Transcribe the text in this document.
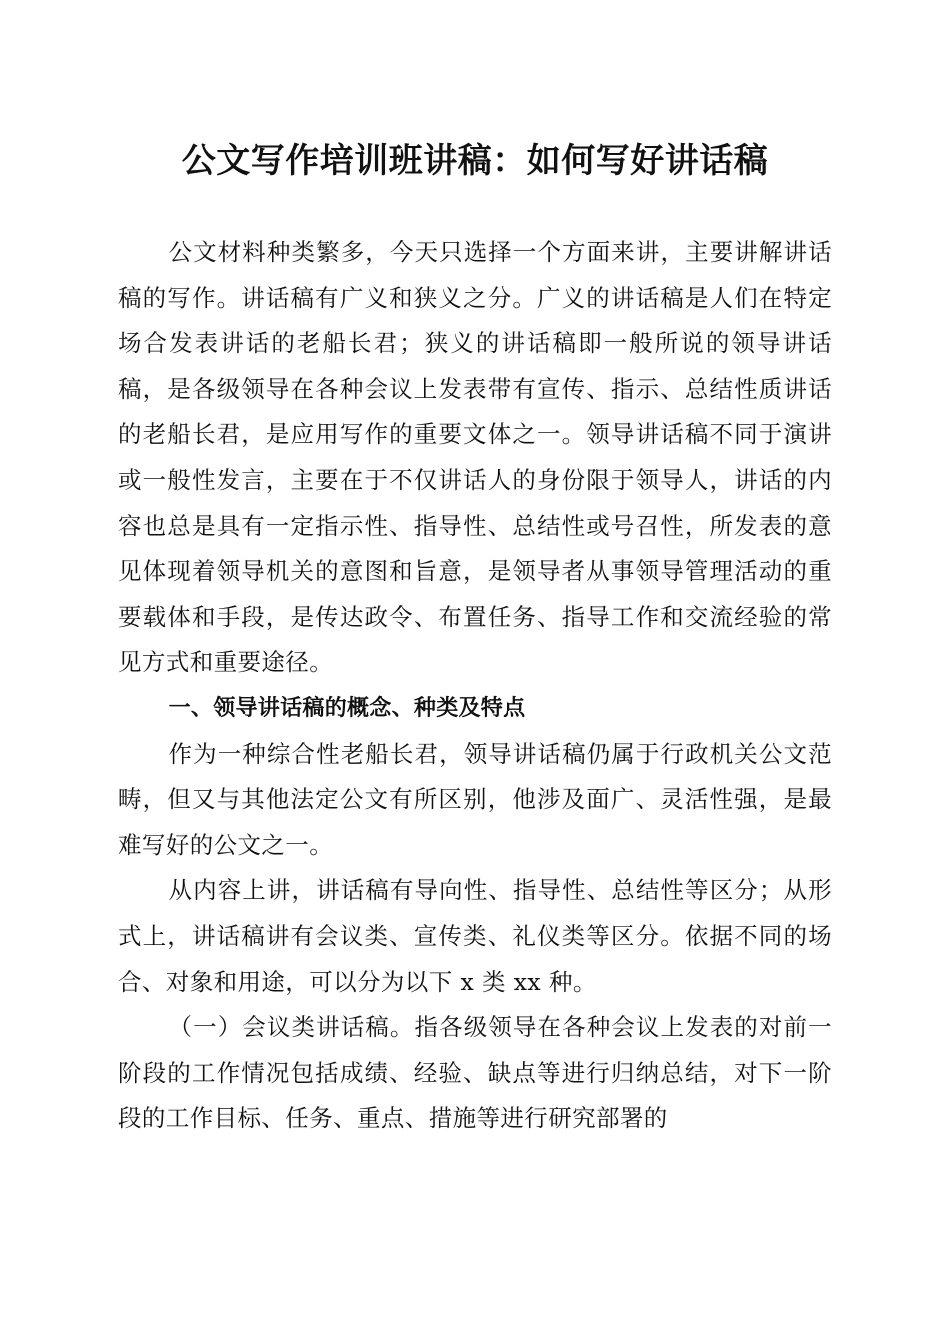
公文写作培训班讲稿：如何写好讲话稿

公文材料种类繁多，今天只选择一个方面来讲，主要讲解讲话稿的写作。讲话稿有广义和狭义之分。广义的讲话稿是人们在特定场合发表讲话的老船长君；狭义的讲话稿即一般所说的领导讲话稿，是各级领导在各种会议上发表带有宣传、指示、总结性质讲话的老船长君，是应用写作的重要文体之一。领导讲话稿不同于演讲或一般性发言，主要在于不仅讲话人的身份限于领导人，讲话的内容也总是具有一定指示性、指导性、总结性或号召性，所发表的意见体现着领导机关的意图和旨意，是领导者从事领导管理活动的重要载体和手段，是传达政令、布置任务、指导工作和交流经验的常见方式和重要途径。

一、领导讲话稿的概念、种类及特点

作为一种综合性老船长君，领导讲话稿仍属于行政机关公文范畴，但又与其他法定公文有所区别，他涉及面广、灵活性强，是最难写好的公文之一。

从内容上讲，讲话稿有导向性、指导性、总结性等区分；从形式上，讲话稿讲有会议类、宣传类、礼仪类等区分。依据不同的场合、对象和用途，可以分为以下 x 类 xx 种。

（一）会议类讲话稿。指各级领导在各种会议上发表的对前一阶段的工作情况包括成绩、经验、缺点等进行归纳总结，对下一阶段的工作目标、任务、重点、措施等进行研究部署的
